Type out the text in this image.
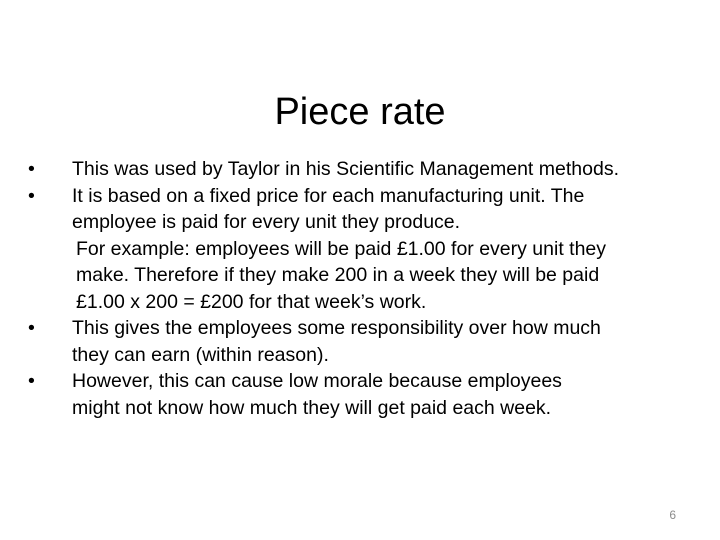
Piece rate
•	This was used by Taylor in his Scientific Management methods.
•	It is based on a fixed price for each manufacturing unit. The
employee is paid for every unit they produce.
For example: employees will be paid £1.00 for every unit they
make. Therefore if they make 200 in a week they will be paid
£1.00 x 200 = £200 for that week’s work.
•	This gives the employees some responsibility over how much
they can earn (within reason).
•	However, this can cause low morale because employees
might not know how much they will get paid each week.
6
